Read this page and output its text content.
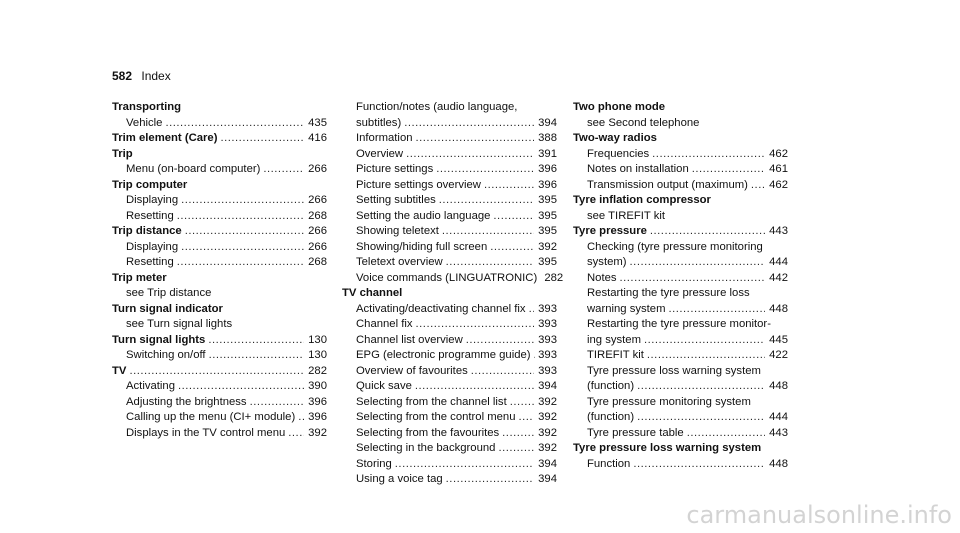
582 Index
Transporting
Vehicle .....	435
Trim element (Care) .....	416
Trip
Menu (on-board computer) .....	266
Trip computer
Displaying .....	266
Resetting .....	268
Trip distance .....	266
Displaying .....	266
Resetting .....	268
Trip meter
see Trip distance
Turn signal indicator
see Turn signal lights
Turn signal lights .....	130
Switching on/off .....	130
TV .....	282
Activating .....	390
Adjusting the brightness .....	396
Calling up the menu (CI+ module) ..... 396
Displays in the TV control menu ..... 392
Function/notes (audio language,
subtitles) .....	394
Information .....	388
Overview .....	391
Picture settings .....	396
Picture settings overview .....	396
Setting subtitles .....	395
Setting the audio language .....	395
Showing teletext .....	395
Showing/hiding full screen .....	392
Teletext overview .....	395
Voice commands (LINGUATRONIC) 282
TV channel
Activating/deactivating channel fix ..... 393
Channel fix .....	393
Channel list overview .....	393
EPG (electronic programme guide) ..... 393
Overview of favourites .....	393
Quick save .....	394
Selecting from the channel list .....	392
Selecting from the control menu ..... 392
Selecting from the favourites .....	392
Selecting in the background .....	392
Storing .....	394
Using a voice tag .....	394
Two phone mode
see Second telephone
Two-way radios
Frequencies .....	462
Notes on installation .....	461
Transmission output (maximum) ..... 462
Tyre inflation compressor
see TIREFIT kit
Tyre pressure .....	443
Checking (tyre pressure monitoring
system) .....	444
Notes .....	442
Restarting the tyre pressure loss
warning system .....	448
Restarting the tyre pressure monitor-
ing system .....	445
TIREFIT kit .....	422
Tyre pressure loss warning system
(function) .....	448
Tyre pressure monitoring system
(function) .....	444
Tyre pressure table .....	443
Tyre pressure loss warning system
Function .....	448
carmanualsonline.info
